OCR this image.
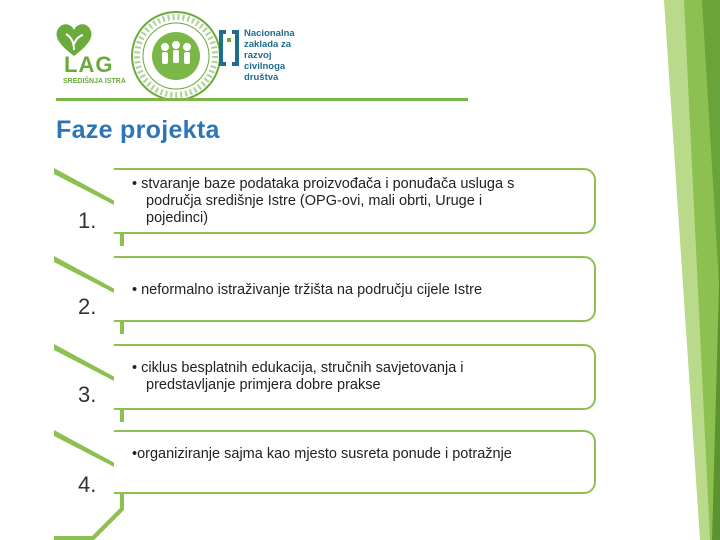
LAG
SREDIŠNJA ISTRA
Nacionalna
zaklada za
razvoj
civilnoga
društva
Faze projekta
1.
• stvaranje baze podataka proizvođača i ponuđača usluga s
područja središnje Istre (OPG-ovi, mali obrti, Uruge i
pojedinci)
2.
• neformalno istraživanje tržišta na području cijele Istre
3.
• ciklus besplatnih edukacija, stručnih savjetovanja i
predstavljanje primjera dobre prakse
4.
•organiziranje sajma kao mjesto susreta ponude i potražnje
